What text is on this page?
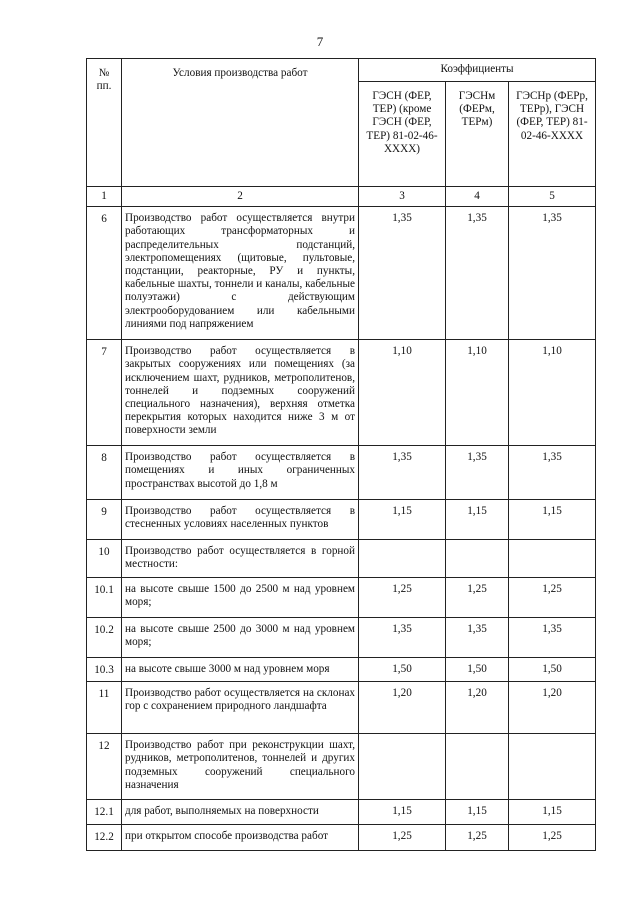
7
№ пп.	Условия производства работ	Коэффициенты		
		ГЭСН (ФЕР, ТЕР) (кроме ГЭСН (ФЕР, ТЕР) 81-02-46-XXXX)	ГЭСНм (ФЕРм, ТЕРм)	ГЭСНр (ФЕРр, ТЕРр), ГЭСН (ФЕР, ТЕР) 81-02-46-XXXX
1	2	3	4	5
6	Производство работ осуществляется внутри работающих трансформаторных и распределительных подстанций, электропомещениях (щитовые, пультовые, подстанции, реакторные, РУ и пункты, кабельные шахты, тоннели и каналы, кабельные полуэтажи) с действующим электрооборудованием или кабельными линиями под напряжением	1,35	1,35	1,35
7	Производство работ осуществляется в закрытых сооружениях или помещениях (за исключением шахт, рудников, метрополитенов, тоннелей и подземных сооружений специального назначения), верхняя отметка перекрытия которых находится ниже 3 м от поверхности земли	1,10	1,10	1,10
8	Производство работ осуществляется в помещениях и иных ограниченных пространствах высотой до 1,8 м	1,35	1,35	1,35
9	Производство работ осуществляется в стесненных условиях населенных пунктов	1,15	1,15	1,15
10	Производство работ осуществляется в горной местности:			
10.1	на высоте свыше 1500 до 2500 м над уровнем моря;	1,25	1,25	1,25
10.2	на высоте свыше 2500 до 3000 м над уровнем моря;	1,35	1,35	1,35
10.3	на высоте свыше 3000 м над уровнем моря	1,50	1,50	1,50
11	Производство работ осуществляется на склонах гор с сохранением природного ландшафта	1,20	1,20	1,20
12	Производство работ при реконструкции шахт, рудников, метрополитенов, тоннелей и других подземных сооружений специального назначения			
12.1	для работ, выполняемых на поверхности	1,15	1,15	1,15
12.2	при открытом способе производства работ	1,25	1,25	1,25
